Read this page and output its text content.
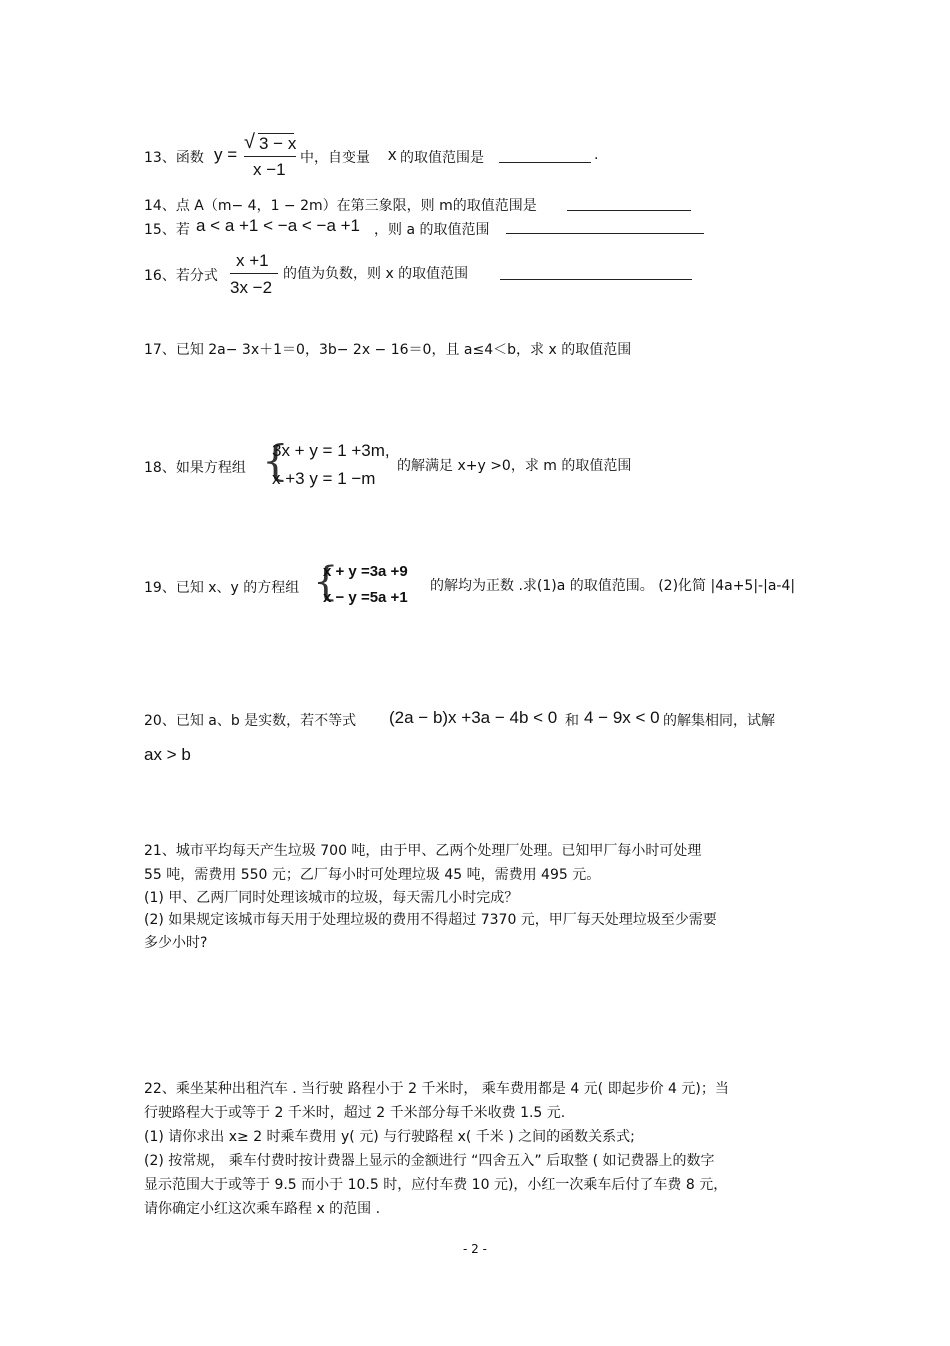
13、函数 y =
√ 3 − x
x −1
中，自变量 x 的取值范围是	.
14、点 A（m− 4，1 − 2m）在第三象限，则 m的取值范围是
15、若 a < a +1 < −a < −a +1 ，则 a 的取值范围
16、若分式
x +1
3x −2
的值为负数，则 x 的取值范围
17、已知 2a− 3x＋1＝0，3b− 2x − 16＝0，且 a≤4＜b，求 x 的取值范围
18、如果方程组 {
3x + y = 1 +3m,
x +3 y = 1 −m
的解满足 x+y >0，求 m 的取值范围
19、已知 x、y 的方程组 {
x + y =3a +9
x − y =5a +1
的解均为正数 .求(1)a 的取值范围。 (2)化简 |4a+5|-|a-4|
20、已知 a、b 是实数，若不等式 (2a − b)x +3a − 4b < 0 和 4 − 9x < 0 的解集相同，试解
ax > b
21、城市平均每天产生垃圾 700 吨，由于甲、乙两个处理厂处理。已知甲厂每小时可处理
55 吨，需费用 550 元；乙厂每小时可处理垃圾 45 吨，需费用 495 元。
(1) 甲、乙两厂同时处理该城市的垃圾，每天需几小时完成？
(2) 如果规定该城市每天用于处理垃圾的费用不得超过 7370 元，甲厂每天处理垃圾至少需要
多少小时?
22、乘坐某种出租汽车 . 当行驶 路程小于 2 千米时， 乘车费用都是 4 元( 即起步价 4 元)；当
行驶路程大于或等于 2 千米时，超过 2 千米部分每千米收费 1.5 元.
(1) 请你求出 x≥ 2 时乘车费用 y( 元) 与行驶路程 x( 千米 ) 之间的函数关系式;
(2) 按常规， 乘车付费时按计费器上显示的金额进行 “四舍五入” 后取整 ( 如记费器上的数字
显示范围大于或等于 9.5 而小于 10.5 时，应付车费 10 元)，小红一次乘车后付了车费 8 元，
请你确定小红这次乘车路程 x 的范围 .
- 2 -
